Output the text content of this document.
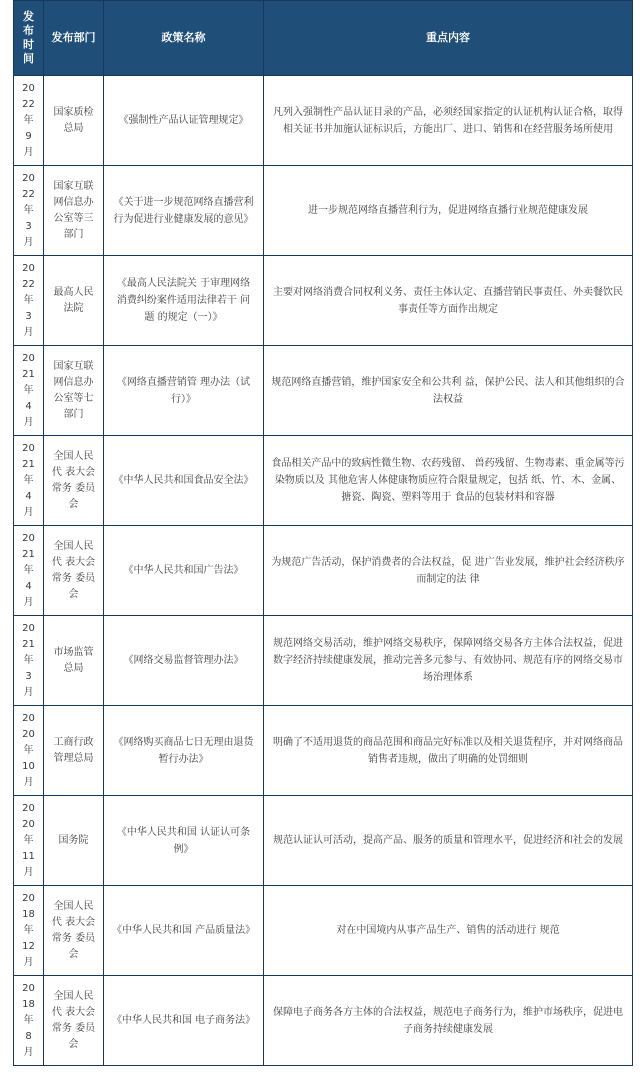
发布时间	发布部门	政策名称	重点内容
2022年9月	国家质检总局	《强制性产品认证管理规定》	凡列入强制性产品认证目录的产品，必须经国家指定的认证机构认证合格，取得相关证书并加施认证标识后，方能出厂、进口、销售和在经营服务场所使用
2022年3月	国家互联网信息办公室等三部门	《关于进一步规范网络直播营利行为促进行业健康发展的意见》	进一步规范网络直播营利行为，促进网络直播行业规范健康发展
2022年3月	最高人民法院	《最高人民法院关 于审理网络消费纠纷案件适用法律若干 问 题 的规定（一）》	主要对网络消费合同权利义务、责任主体认定、直播营销民事责任、外卖餐饮民事责任等方面作出规定
2021年4月	国家互联网信息办公室等七部门	《网络直播营销管 理办法（试行）》	规范网络直播营销，维护国家安全和公共利 益，保护公民、法人和其他组织的合法权益
2021年4月	全国人民代 表大会常务 委员会	《中华人民共和国食品安全法》	食品相关产品中的致病性微生物、农药残留、 兽药残留、生物毒素、重金属等污染物质以及 其他危害人体健康物质应符合限量规定，包括 纸、竹、木、金属、搪瓷、陶瓷、塑料等用于 食品的包装材料和容器
2021年4月	全国人民代 表大会常务 委员会	《中华人民共和国广告法》	为规范广告活动，保护消费者的合法权益，促 进广告业发展，维护社会经济秩序而制定的法 律
2021年3月	市场监管总局	《网络交易监督管理办法》	规范网络交易活动，维护网络交易秩序，保障网络交易各方主体合法权益，促进数字经济持续健康发展，推动完善多元参与、有效协同、规范有序的网络交易市场治理体系
2020年10月	工商行政管理总局	《网络购买商品七日无理由退货暂行办法》	明确了不适用退货的商品范围和商品完好标准以及相关退货程序，并对网络商品销售者违规，做出了明确的处罚细则
2020年11月	国务院	《中华人民共和国 认证认可条例》	规范认证认可活动，提高产品、服务的质量和管理水平，促进经济和社会的发展
2018年12月	全国人民代 表大会常务 委员会	《中华人民共和国 产品质量法》	对在中国境内从事产品生产、销售的活动进行 规范
2018年8月	全国人民代 表大会常务 委员会	《中华人民共和国 电子商务法》	保障电子商务各方主体的合法权益，规范电子商务行为，维护市场秩序，促进电子商务持续健康发展
